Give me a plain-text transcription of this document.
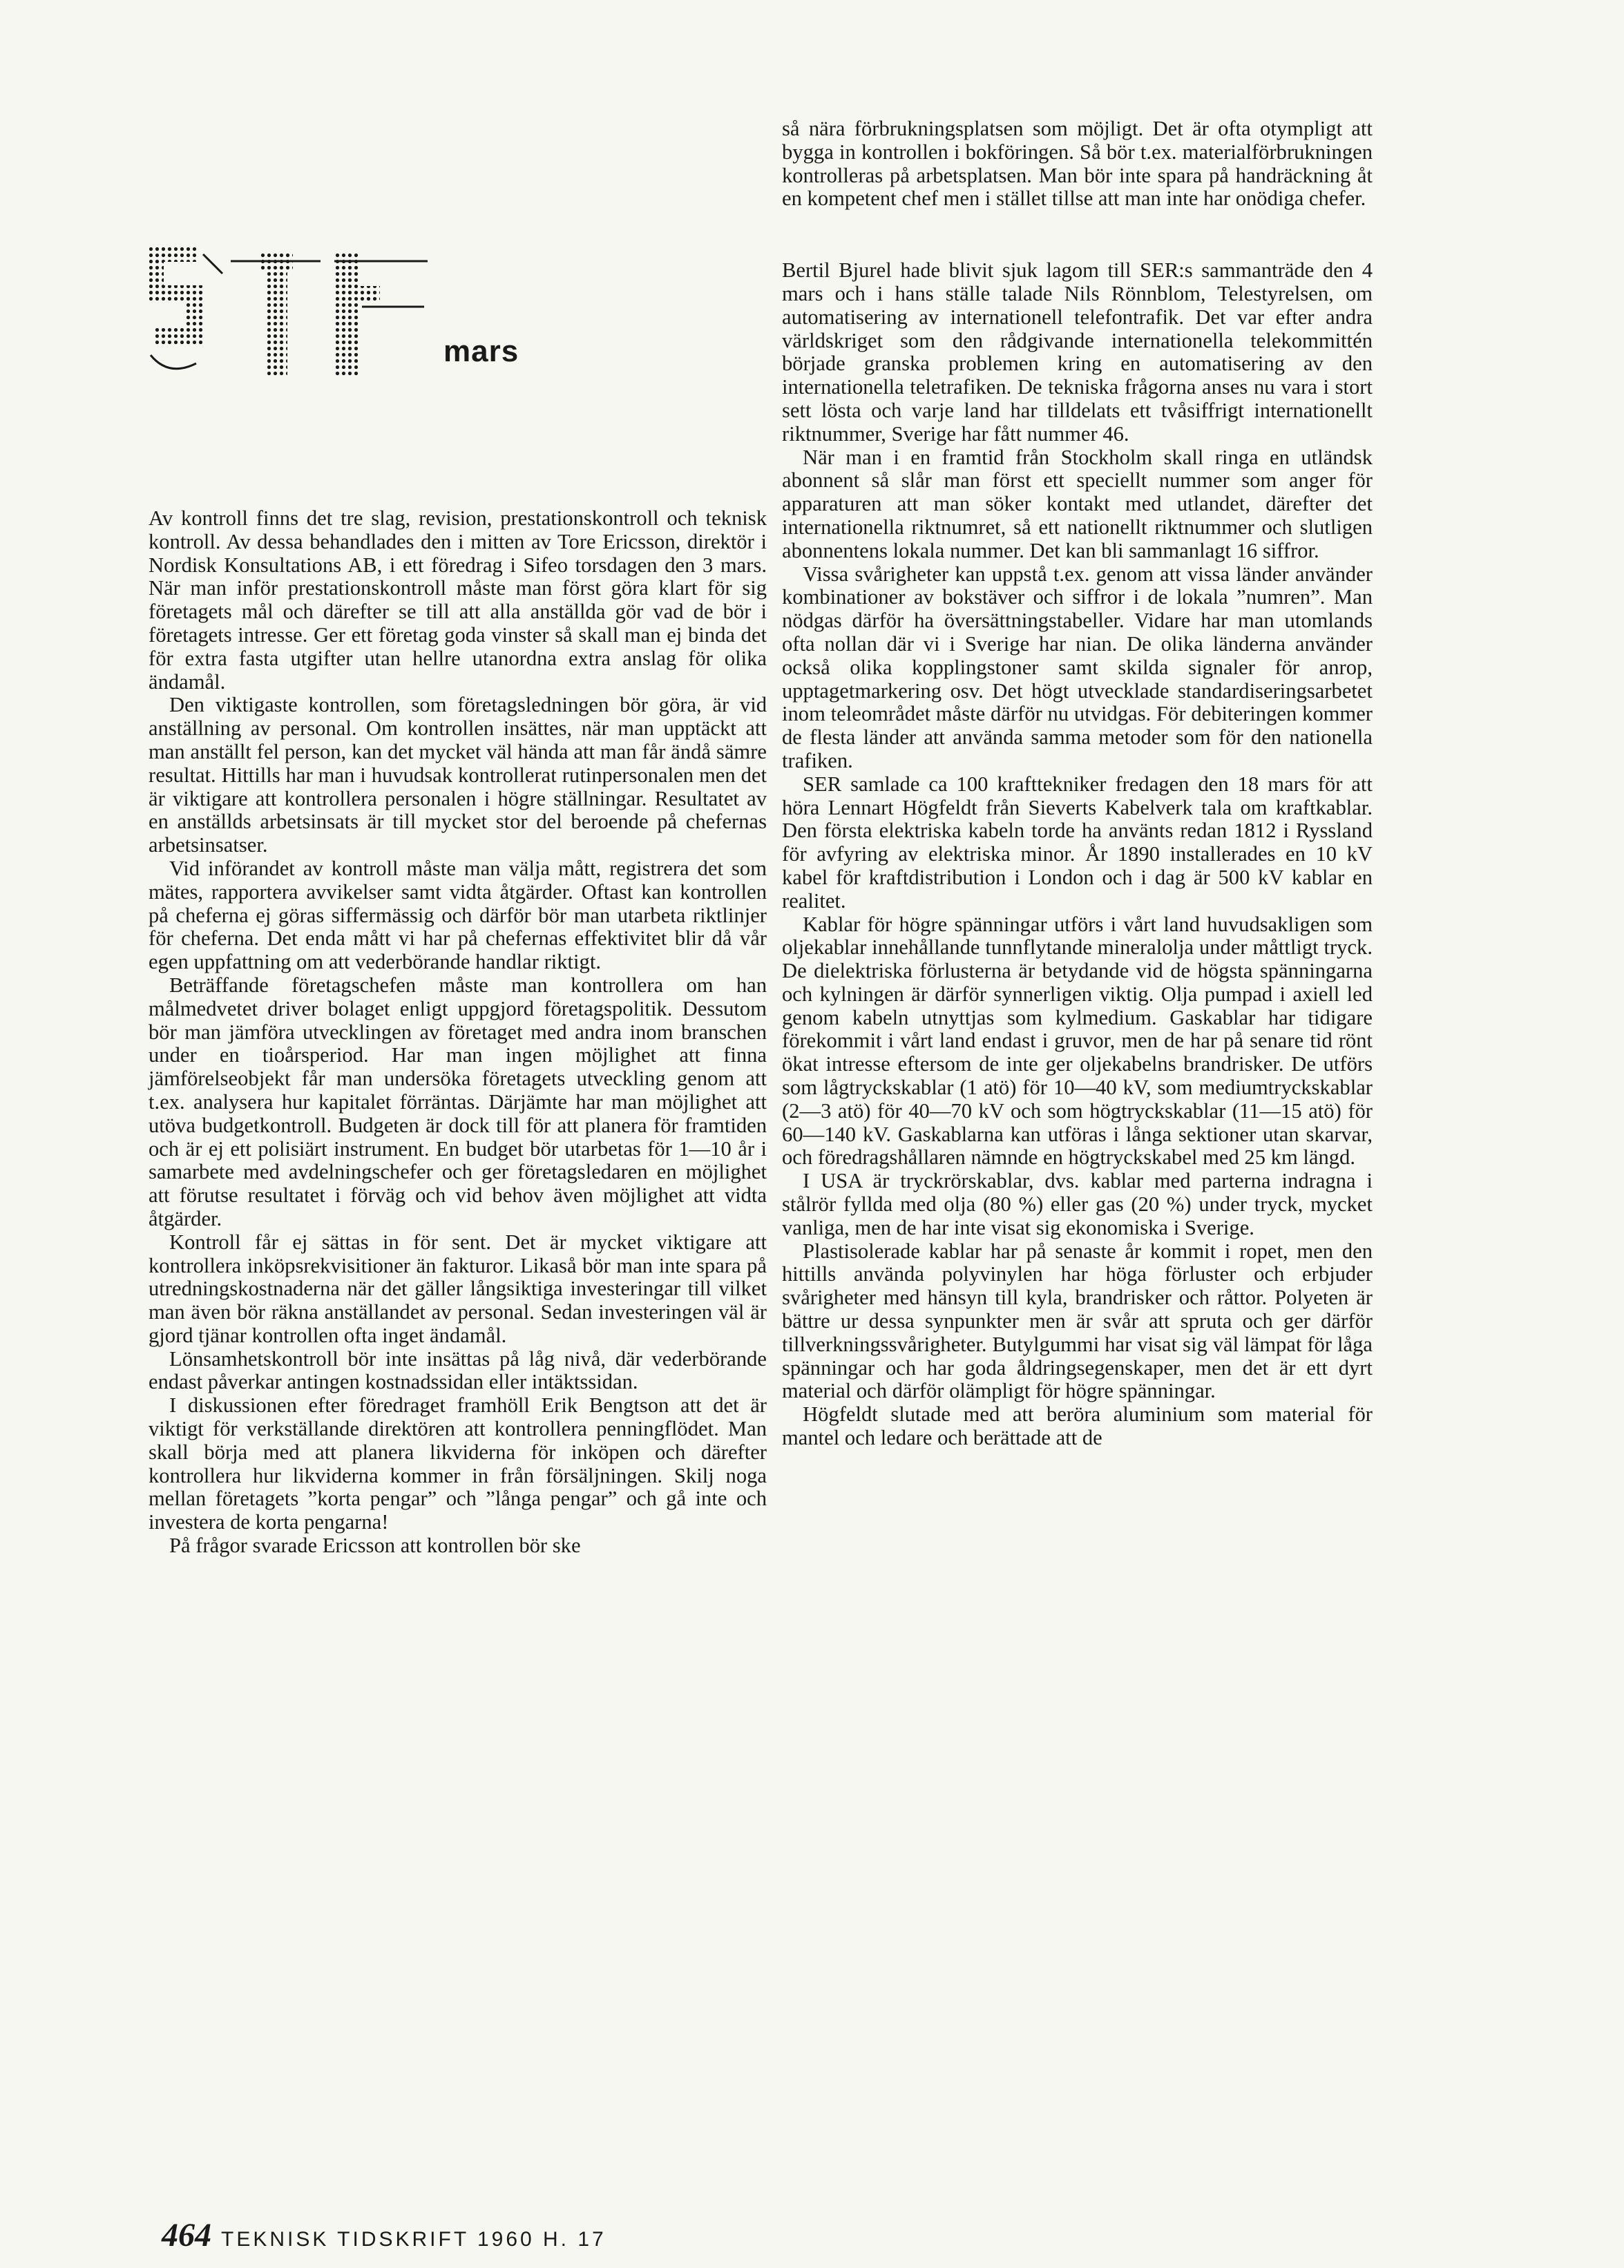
mars

Av kontroll finns det tre slag, revision, prestationskontroll och teknisk kontroll. Av dessa behandlades den i mitten av Tore Ericsson, direktör i Nordisk Konsultations AB, i ett föredrag i Sifeo torsdagen den 3 mars. När man inför prestationskontroll måste man först göra klart för sig företagets mål och därefter se till att alla anställda gör vad de bör i företagets intresse. Ger ett företag goda vinster så skall man ej binda det för extra fasta utgifter utan hellre utanordna extra anslag för olika ändamål.

Den viktigaste kontrollen, som företagsledningen bör göra, är vid anställning av personal. Om kontrollen insättes, när man upptäckt att man anställt fel person, kan det mycket väl hända att man får ändå sämre resultat. Hittills har man i huvudsak kontrollerat rutinpersonalen men det är viktigare att kontrollera personalen i högre ställningar. Resultatet av en anställds arbetsinsats är till mycket stor del beroende på chefernas arbetsinsatser.

Vid införandet av kontroll måste man välja mått, registrera det som mätes, rapportera avvikelser samt vidta åtgärder. Oftast kan kontrollen på cheferna ej göras siffermässig och därför bör man utarbeta riktlinjer för cheferna. Det enda mått vi har på chefernas effektivitet blir då vår egen uppfattning om att vederbörande handlar riktigt.

Beträffande företagschefen måste man kontrollera om han målmedvetet driver bolaget enligt uppgjord företagspolitik. Dessutom bör man jämföra utvecklingen av företaget med andra inom branschen under en tioårsperiod. Har man ingen möjlighet att finna jämförelseobjekt får man undersöka företagets utveckling genom att t.ex. analysera hur kapitalet förräntas. Därjämte har man möjlighet att utöva budgetkontroll. Budgeten är dock till för att planera för framtiden och är ej ett polisiärt instrument. En budget bör utarbetas för 1—10 år i samarbete med avdelningschefer och ger företagsledaren en möjlighet att förutse resultatet i förväg och vid behov även möjlighet att vidta åtgärder.

Kontroll får ej sättas in för sent. Det är mycket viktigare att kontrollera inköpsrekvisitioner än fakturor. Likaså bör man inte spara på utredningskostnaderna när det gäller långsiktiga investeringar till vilket man även bör räkna anställandet av personal. Sedan investeringen väl är gjord tjänar kontrollen ofta inget ändamål.

Lönsamhetskontroll bör inte insättas på låg nivå, där vederbörande endast påverkar antingen kostnadssidan eller intäktssidan.

I diskussionen efter föredraget framhöll Erik Bengtson att det är viktigt för verkställande direktören att kontrollera penningflödet. Man skall börja med att planera likviderna för inköpen och därefter kontrollera hur likviderna kommer in från försäljningen. Skilj noga mellan företagets ”korta pengar” och ”långa pengar” och gå inte och investera de korta pengarna!

På frågor svarade Ericsson att kontrollen bör ske

så nära förbrukningsplatsen som möjligt. Det är ofta otympligt att bygga in kontrollen i bokföringen. Så bör t.ex. materialförbrukningen kontrolleras på arbetsplatsen. Man bör inte spara på handräckning åt en kompetent chef men i stället tillse att man inte har onödiga chefer.

Bertil Bjurel hade blivit sjuk lagom till SER:s sammanträde den 4 mars och i hans ställe talade Nils Rönnblom, Telestyrelsen, om automatisering av internationell telefontrafik. Det var efter andra världskriget som den rådgivande internationella telekommittén började granska problemen kring en automatisering av den internationella teletrafiken. De tekniska frågorna anses nu vara i stort sett lösta och varje land har tilldelats ett tvåsiffrigt internationellt riktnummer, Sverige har fått nummer 46.

När man i en framtid från Stockholm skall ringa en utländsk abonnent så slår man först ett speciellt nummer som anger för apparaturen att man söker kontakt med utlandet, därefter det internationella riktnumret, så ett nationellt riktnummer och slutligen abonnentens lokala nummer. Det kan bli sammanlagt 16 siffror.

Vissa svårigheter kan uppstå t.ex. genom att vissa länder använder kombinationer av bokstäver och siffror i de lokala ”numren”. Man nödgas därför ha översättningstabeller. Vidare har man utomlands ofta nollan där vi i Sverige har nian. De olika länderna använder också olika kopplingstoner samt skilda signaler för anrop, upptagetmarkering osv. Det högt utvecklade standardiseringsarbetet inom teleområdet måste därför nu utvidgas. För debiteringen kommer de flesta länder att använda samma metoder som för den nationella trafiken.

SER samlade ca 100 krafttekniker fredagen den 18 mars för att höra Lennart Högfeldt från Sieverts Kabelverk tala om kraftkablar. Den första elektriska kabeln torde ha använts redan 1812 i Ryssland för avfyring av elektriska minor. År 1890 installerades en 10 kV kabel för kraftdistribution i London och i dag är 500 kV kablar en realitet.

Kablar för högre spänningar utförs i vårt land huvudsakligen som oljekablar innehållande tunnflytande mineralolja under måttligt tryck. De dielektriska förlusterna är betydande vid de högsta spänningarna och kylningen är därför synnerligen viktig. Olja pumpad i axiell led genom kabeln utnyttjas som kylmedium. Gaskablar har tidigare förekommit i vårt land endast i gruvor, men de har på senare tid rönt ökat intresse eftersom de inte ger oljekabelns brandrisker. De utförs som lågtryckskablar (1 atö) för 10—40 kV, som mediumtryckskablar (2—3 atö) för 40—70 kV och som högtryckskablar (11—15 atö) för 60—140 kV. Gaskablarna kan utföras i långa sektioner utan skarvar, och föredragshållaren nämnde en högtryckskabel med 25 km längd.

I USA är tryckrörskablar, dvs. kablar med parterna indragna i stålrör fyllda med olja (80 %) eller gas (20 %) under tryck, mycket vanliga, men de har inte visat sig ekonomiska i Sverige.

Plastisolerade kablar har på senaste år kommit i ropet, men den hittills använda polyvinylen har höga förluster och erbjuder svårigheter med hänsyn till kyla, brandrisker och råttor. Polyeten är bättre ur dessa synpunkter men är svår att spruta och ger därför tillverkningssvårigheter. Butylgummi har visat sig väl lämpat för låga spänningar och har goda åldringsegenskaper, men det är ett dyrt material och därför olämpligt för högre spänningar.

Högfeldt slutade med att beröra aluminium som material för mantel och ledare och berättade att de

464 TEKNISK TIDSKRIFT 1960 H. 17
